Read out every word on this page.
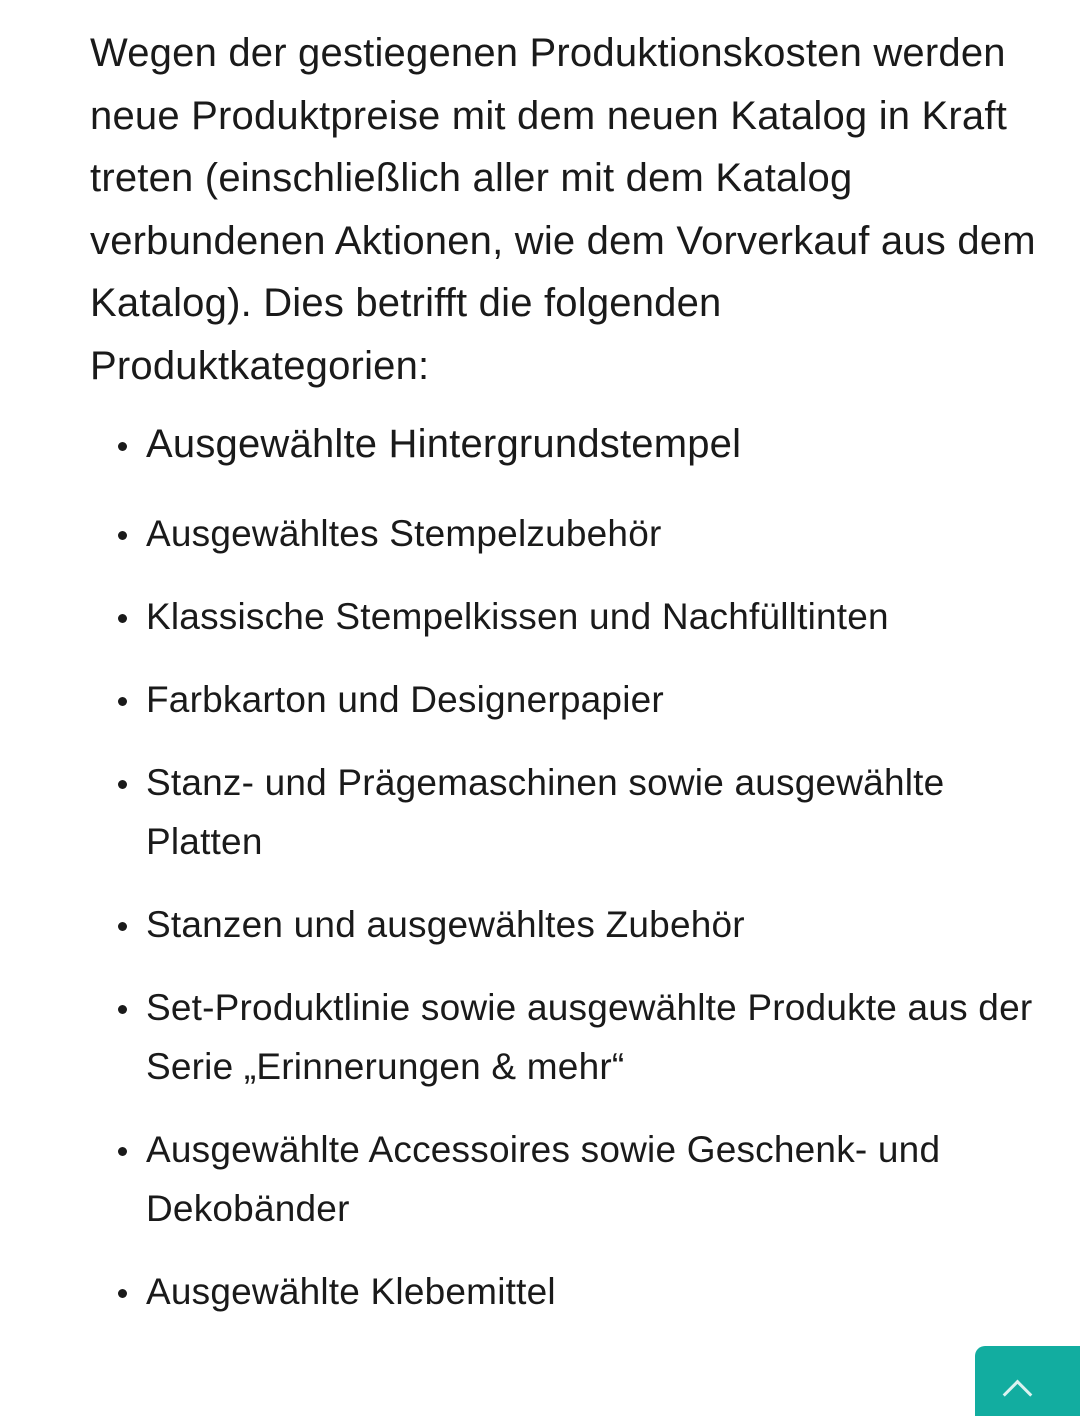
Wegen der gestiegenen Produktionskosten werden neue Produktpreise mit dem neuen Katalog in Kraft treten (einschließlich aller mit dem Katalog verbundenen Aktionen, wie dem Vorverkauf aus dem Katalog). Dies betrifft die folgenden Produktkategorien:

Ausgewählte Hintergrundstempel
Ausgewähltes Stempelzubehör
Klassische Stempelkissen und Nachfülltinten
Farbkarton und Designerpapier
Stanz- und Prägemaschinen sowie ausgewählte Platten
Stanzen und ausgewähltes Zubehör
Set-Produktlinie sowie ausgewählte Produkte aus der Serie „Erinnerungen & mehr“
Ausgewählte Accessoires sowie Geschenk- und Dekobänder
Ausgewählte Klebemittel
